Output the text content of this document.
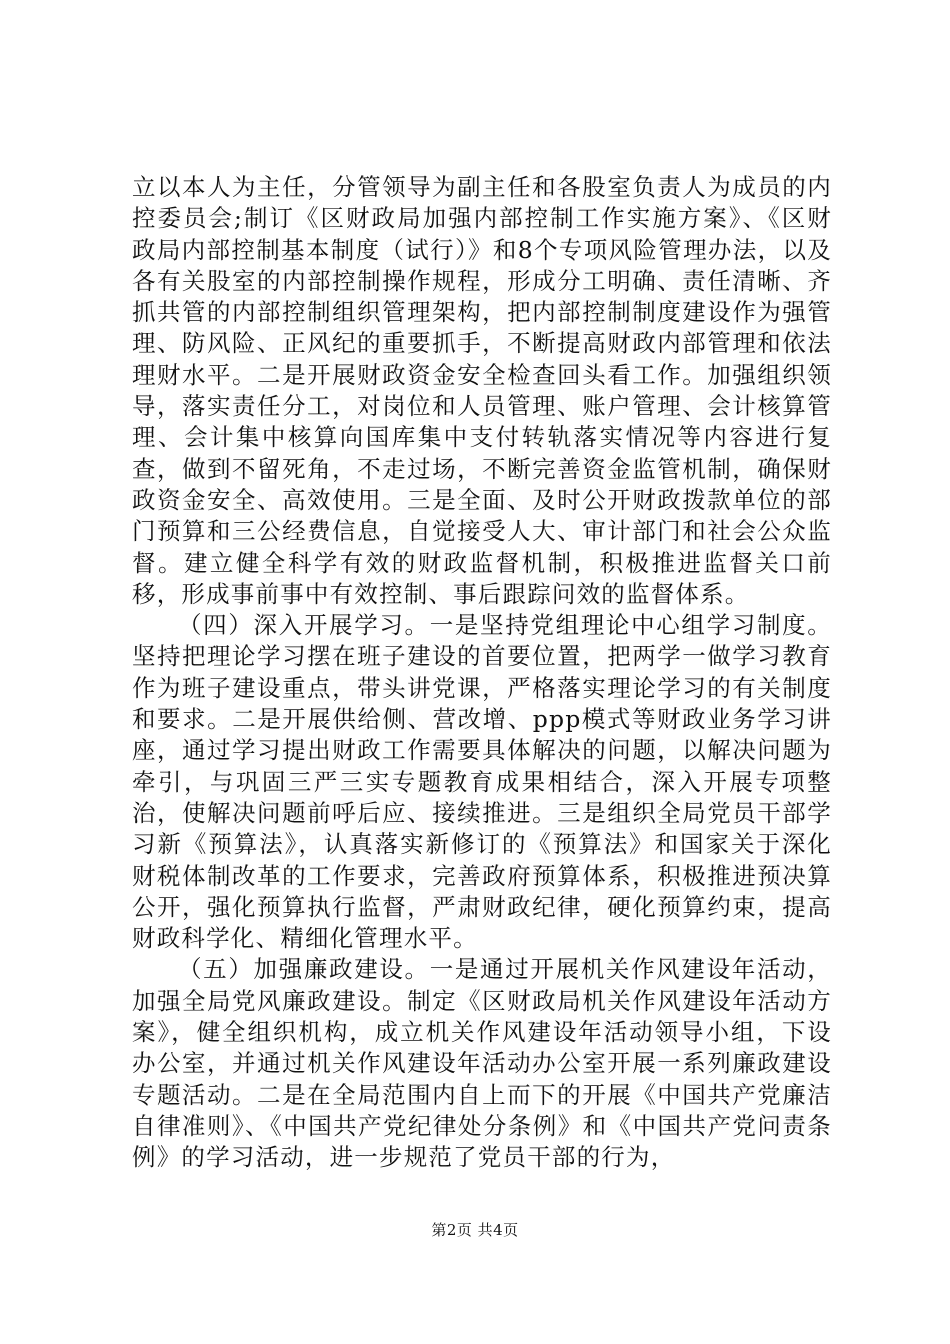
立以本人为主任，分管领导为副主任和各股室负责人为成员的内控委员会;制订《区财政局加强内部控制工作实施方案》、《区财政局内部控制基本制度（试行）》和8个专项风险管理办法，以及各有关股室的内部控制操作规程，形成分工明确、责任清晰、齐抓共管的内部控制组织管理架构，把内部控制制度建设作为强管理、防风险、正风纪的重要抓手，不断提高财政内部管理和依法理财水平。二是开展财政资金安全检查回头看工作。加强组织领导，落实责任分工，对岗位和人员管理、账户管理、会计核算管理、会计集中核算向国库集中支付转轨落实情况等内容进行复查，做到不留死角，不走过场，不断完善资金监管机制，确保财政资金安全、高效使用。三是全面、及时公开财政拨款单位的部门预算和三公经费信息，自觉接受人大、审计部门和社会公众监督。建立健全科学有效的财政监督机制，积极推进监督关口前移，形成事前事中有效控制、事后跟踪问效的监督体系。

（四）深入开展学习。一是坚持党组理论中心组学习制度。坚持把理论学习摆在班子建设的首要位置，把两学一做学习教育作为班子建设重点，带头讲党课，严格落实理论学习的有关制度和要求。二是开展供给侧、营改增、ppp模式等财政业务学习讲座，通过学习提出财政工作需要具体解决的问题，以解决问题为牵引，与巩固三严三实专题教育成果相结合，深入开展专项整治，使解决问题前呼后应、接续推进。三是组织全局党员干部学习新《预算法》，认真落实新修订的《预算法》和国家关于深化财税体制改革的工作要求，完善政府预算体系，积极推进预决算公开，强化预算执行监督，严肃财政纪律，硬化预算约束，提高财政科学化、精细化管理水平。

（五）加强廉政建设。一是通过开展机关作风建设年活动，加强全局党风廉政建设。制定《区财政局机关作风建设年活动方案》，健全组织机构，成立机关作风建设年活动领导小组，下设办公室，并通过机关作风建设年活动办公室开展一系列廉政建设专题活动。二是在全局范围内自上而下的开展《中国共产党廉洁自律准则》、《中国共产党纪律处分条例》和《中国共产党问责条例》的学习活动，进一步规范了党员干部的行为，

第2页 共4页
